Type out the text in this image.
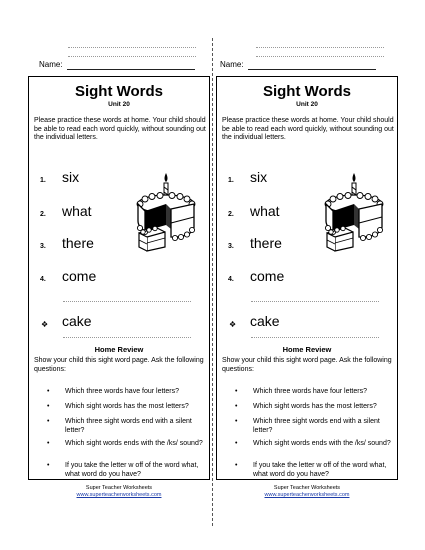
Name:
Sight Words
Unit 20
Please practice these words at home. Your child should be able to read each word quickly, without sounding out the individual letters.
1. six
2. what
3. there
4. come
❖ cake
Home Review
Show your child this sight word page. Ask the following questions:
• Which three words have four letters?
• Which sight words has the most letters?
• Which three sight words end with a silent letter?
• Which sight words ends with the /ks/ sound?
• If you take the letter w off of the word what, what word do you have?
Super Teacher Worksheets
www.superteacherworksheets.com
Name:
Sight Words
Unit 20
Please practice these words at home. Your child should be able to read each word quickly, without sounding out the individual letters.
1. six
2. what
3. there
4. come
❖ cake
Home Review
Show your child this sight word page. Ask the following questions:
• Which three words have four letters?
• Which sight words has the most letters?
• Which three sight words end with a silent letter?
• Which sight words ends with the /ks/ sound?
• If you take the letter w off of the word what, what word do you have?
Super Teacher Worksheets
www.superteacherworksheets.com
